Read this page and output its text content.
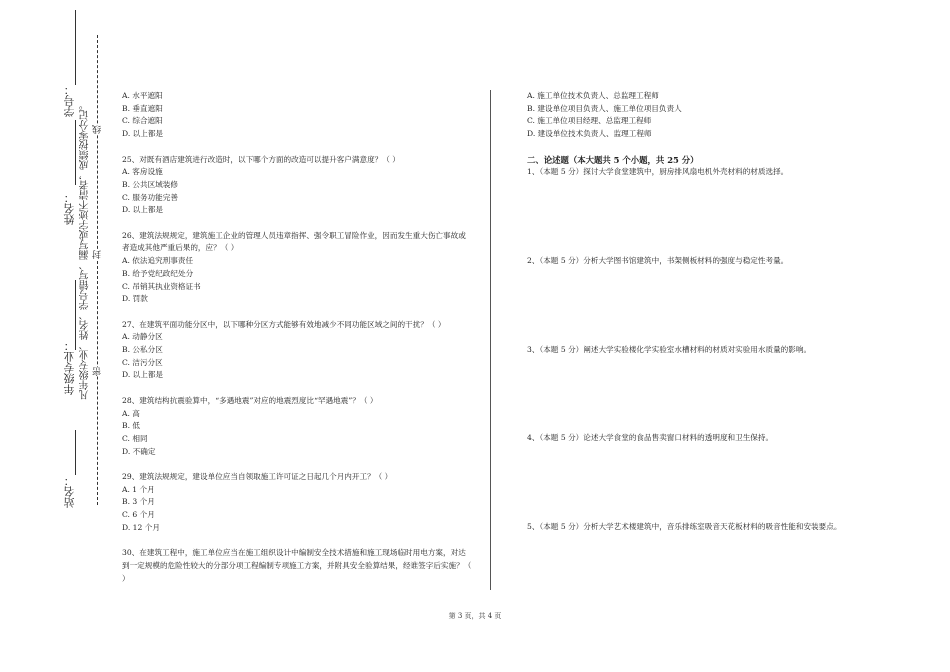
学号：
姓名：
年级专业：
站名：
凡年级专业、姓名、学号错写、漏写或字迹不清者，成绩按零分记。 密
封
线

A. 水平遮阳

B. 垂直遮阳

C. 综合遮阳

D. 以上都是

25、对既有酒店建筑进行改造时，以下哪个方面的改造可以提升客户满意度？（ ）

A. 客房设施

B. 公共区域装修

C. 服务功能完善

D. 以上都是

26、建筑法规规定，建筑施工企业的管理人员违章指挥、强令职工冒险作业，因而发生重大伤亡事故或者造成其他严重后果的，应？（ ）

A. 依法追究刑事责任

B. 给予党纪政纪处分

C. 吊销其执业资格证书

D. 罚款

27、在建筑平面功能分区中，以下哪种分区方式能够有效地减少不同功能区域之间的干扰？（ ）

A. 动静分区

B. 公私分区

C. 洁污分区

D. 以上都是

28、建筑结构抗震验算中，“多遇地震”对应的地震烈度比“罕遇地震”？（ ）

A. 高

B. 低

C. 相同

D. 不确定

29、建筑法规规定，建设单位应当自领取施工许可证之日起几个月内开工？（ ）

A. 1 个月

B. 3 个月

C. 6 个月

D. 12 个月

30、在建筑工程中，施工单位应当在施工组织设计中编制安全技术措施和施工现场临时用电方案，对达到一定规模的危险性较大的分部分项工程编制专项施工方案，并附具安全验算结果，经谁签字后实施？（ ）

A. 施工单位技术负责人、总监理工程师

B. 建设单位项目负责人、施工单位项目负责人

C. 施工单位项目经理、总监理工程师

D. 建设单位技术负责人、监理工程师

二、论述题（本大题共 5 个小题，共 25 分）

1、（本题 5 分）探讨大学食堂建筑中，厨房排风扇电机外壳材料的材质选择。

2、（本题 5 分）分析大学图书馆建筑中，书架侧板材料的强度与稳定性考量。

3、（本题 5 分）阐述大学实验楼化学实验室水槽材料的材质对实验用水质量的影响。

4、（本题 5 分）论述大学食堂的食品售卖窗口材料的透明度和卫生保持。

5、（本题 5 分）分析大学艺术楼建筑中，音乐排练室吸音天花板材料的吸音性能和安装要点。

第 3 页，共 4 页
